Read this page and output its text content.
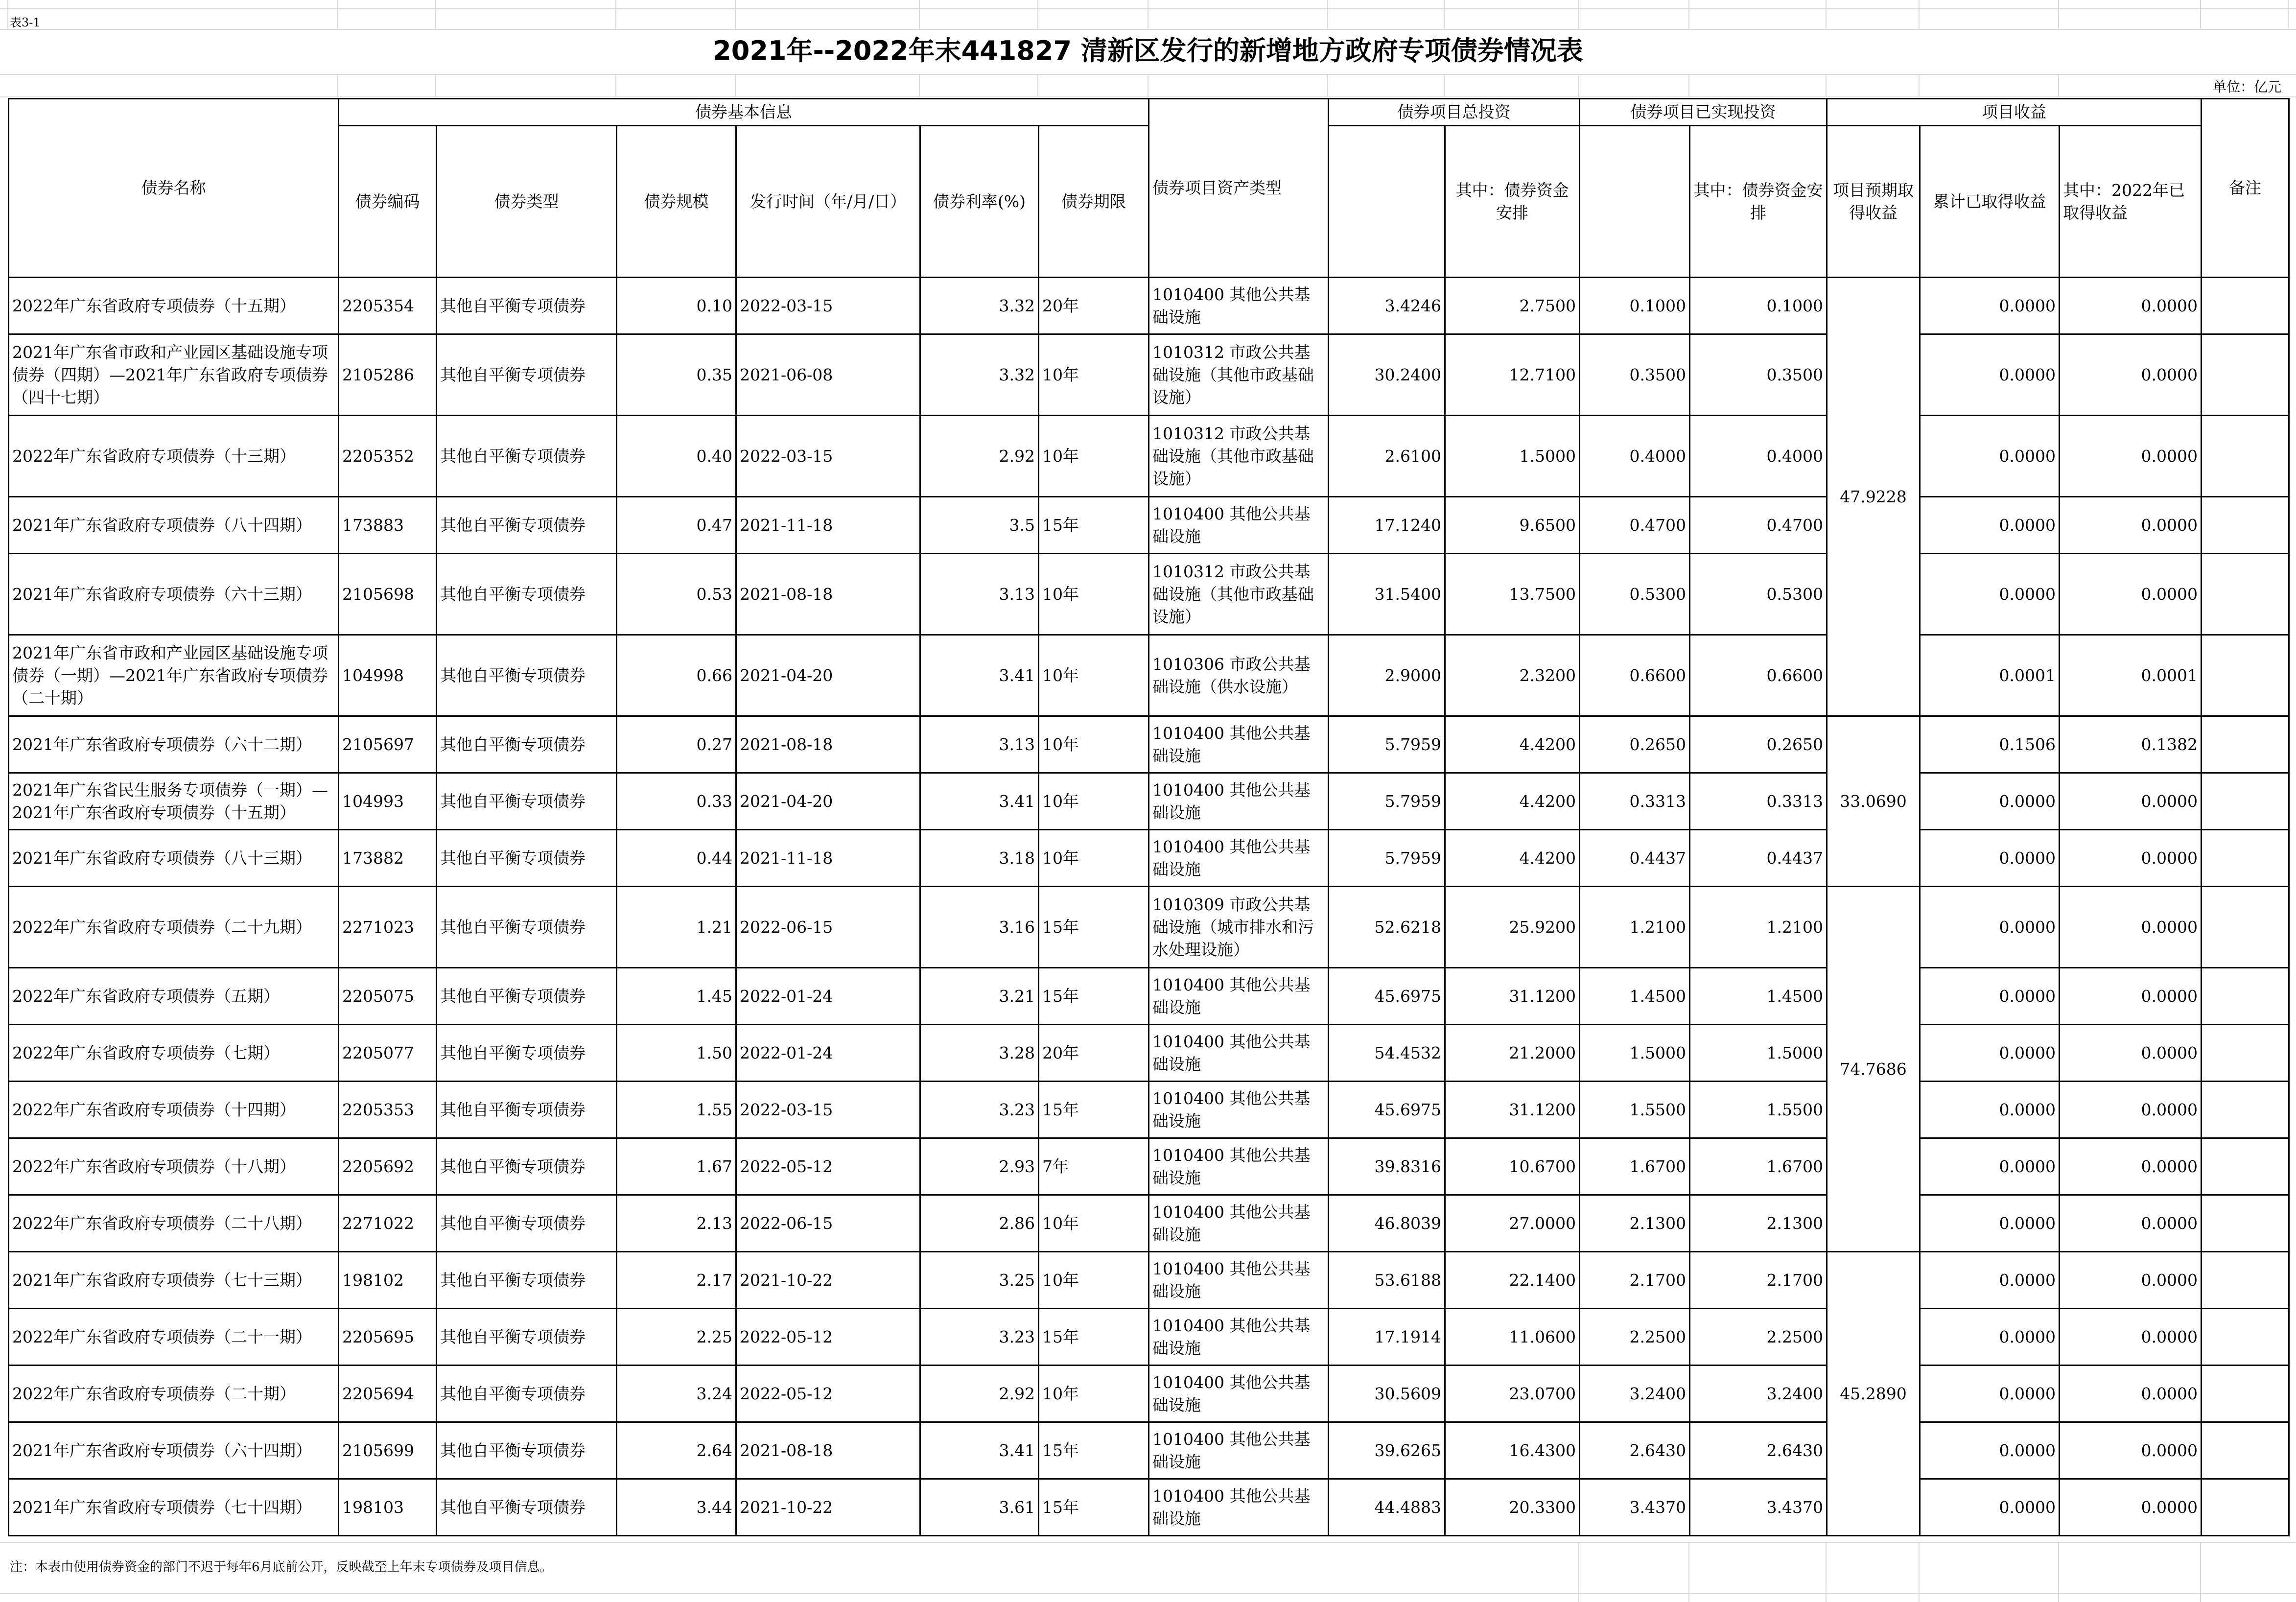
表3-1
2021年--2022年末441827 清新区发行的新增地方政府专项债券情况表
单位：亿元
债券名称	债券基本信息						债券项目资产类型	债券项目总投资		债券项目已实现投资		项目收益			备注
	债券编码	债券类型	债券规模	发行时间（年/月/日）	债券利率(%)	债券期限			其中：债券资金安排		其中：债券资金安排	项目预期取得收益	累计已取得收益	其中：2022年已取得收益	
2022年广东省政府专项债券（十五期）	2205354	其他自平衡专项债券	0.10	2022-03-15	3.32	20年	1010400 其他公共基础设施	3.4246	2.7500	0.1000	0.1000	47.9228	0.0000	0.0000	
2021年广东省市政和产业园区基础设施专项债券（四期）—2021年广东省政府专项债券（四十七期）	2105286	其他自平衡专项债券	0.35	2021-06-08	3.32	10年	1010312 市政公共基础设施（其他市政基础设施）	30.2400	12.7100	0.3500	0.3500		0.0000	0.0000	
2022年广东省政府专项债券（十三期）	2205352	其他自平衡专项债券	0.40	2022-03-15	2.92	10年	1010312 市政公共基础设施（其他市政基础设施）	2.6100	1.5000	0.4000	0.4000		0.0000	0.0000	
2021年广东省政府专项债券（八十四期）	173883	其他自平衡专项债券	0.47	2021-11-18	3.5	15年	1010400 其他公共基础设施	17.1240	9.6500	0.4700	0.4700		0.0000	0.0000	
2021年广东省政府专项债券（六十三期）	2105698	其他自平衡专项债券	0.53	2021-08-18	3.13	10年	1010312 市政公共基础设施（其他市政基础设施）	31.5400	13.7500	0.5300	0.5300		0.0000	0.0000	
2021年广东省市政和产业园区基础设施专项债券（一期）—2021年广东省政府专项债券（二十期）	104998	其他自平衡专项债券	0.66	2021-04-20	3.41	10年	1010306 市政公共基础设施（供水设施）	2.9000	2.3200	0.6600	0.6600		0.0001	0.0001	
2021年广东省政府专项债券（六十二期）	2105697	其他自平衡专项债券	0.27	2021-08-18	3.13	10年	1010400 其他公共基础设施	5.7959	4.4200	0.2650	0.2650	33.0690	0.1506	0.1382	
2021年广东省民生服务专项债券（一期）—2021年广东省政府专项债券（十五期）	104993	其他自平衡专项债券	0.33	2021-04-20	3.41	10年	1010400 其他公共基础设施	5.7959	4.4200	0.3313	0.3313		0.0000	0.0000	
2021年广东省政府专项债券（八十三期）	173882	其他自平衡专项债券	0.44	2021-11-18	3.18	10年	1010400 其他公共基础设施	5.7959	4.4200	0.4437	0.4437		0.0000	0.0000	
2022年广东省政府专项债券（二十九期）	2271023	其他自平衡专项债券	1.21	2022-06-15	3.16	15年	1010309 市政公共基础设施（城市排水和污水处理设施）	52.6218	25.9200	1.2100	1.2100	74.7686	0.0000	0.0000	
2022年广东省政府专项债券（五期）	2205075	其他自平衡专项债券	1.45	2022-01-24	3.21	15年	1010400 其他公共基础设施	45.6975	31.1200	1.4500	1.4500		0.0000	0.0000	
2022年广东省政府专项债券（七期）	2205077	其他自平衡专项债券	1.50	2022-01-24	3.28	20年	1010400 其他公共基础设施	54.4532	21.2000	1.5000	1.5000		0.0000	0.0000	
2022年广东省政府专项债券（十四期）	2205353	其他自平衡专项债券	1.55	2022-03-15	3.23	15年	1010400 其他公共基础设施	45.6975	31.1200	1.5500	1.5500		0.0000	0.0000	
2022年广东省政府专项债券（十八期）	2205692	其他自平衡专项债券	1.67	2022-05-12	2.93	7年	1010400 其他公共基础设施	39.8316	10.6700	1.6700	1.6700		0.0000	0.0000	
2022年广东省政府专项债券（二十八期）	2271022	其他自平衡专项债券	2.13	2022-06-15	2.86	10年	1010400 其他公共基础设施	46.8039	27.0000	2.1300	2.1300		0.0000	0.0000	
2021年广东省政府专项债券（七十三期）	198102	其他自平衡专项债券	2.17	2021-10-22	3.25	10年	1010400 其他公共基础设施	53.6188	22.1400	2.1700	2.1700	45.2890	0.0000	0.0000	
2022年广东省政府专项债券（二十一期）	2205695	其他自平衡专项债券	2.25	2022-05-12	3.23	15年	1010400 其他公共基础设施	17.1914	11.0600	2.2500	2.2500		0.0000	0.0000	
2022年广东省政府专项债券（二十期）	2205694	其他自平衡专项债券	3.24	2022-05-12	2.92	10年	1010400 其他公共基础设施	30.5609	23.0700	3.2400	3.2400		0.0000	0.0000	
2021年广东省政府专项债券（六十四期）	2105699	其他自平衡专项债券	2.64	2021-08-18	3.41	15年	1010400 其他公共基础设施	39.6265	16.4300	2.6430	2.6430		0.0000	0.0000	
2021年广东省政府专项债券（七十四期）	198103	其他自平衡专项债券	3.44	2021-10-22	3.61	15年	1010400 其他公共基础设施	44.4883	20.3300	3.4370	3.4370		0.0000	0.0000	
注：本表由使用债券资金的部门不迟于每年6月底前公开，反映截至上年末专项债券及项目信息。
